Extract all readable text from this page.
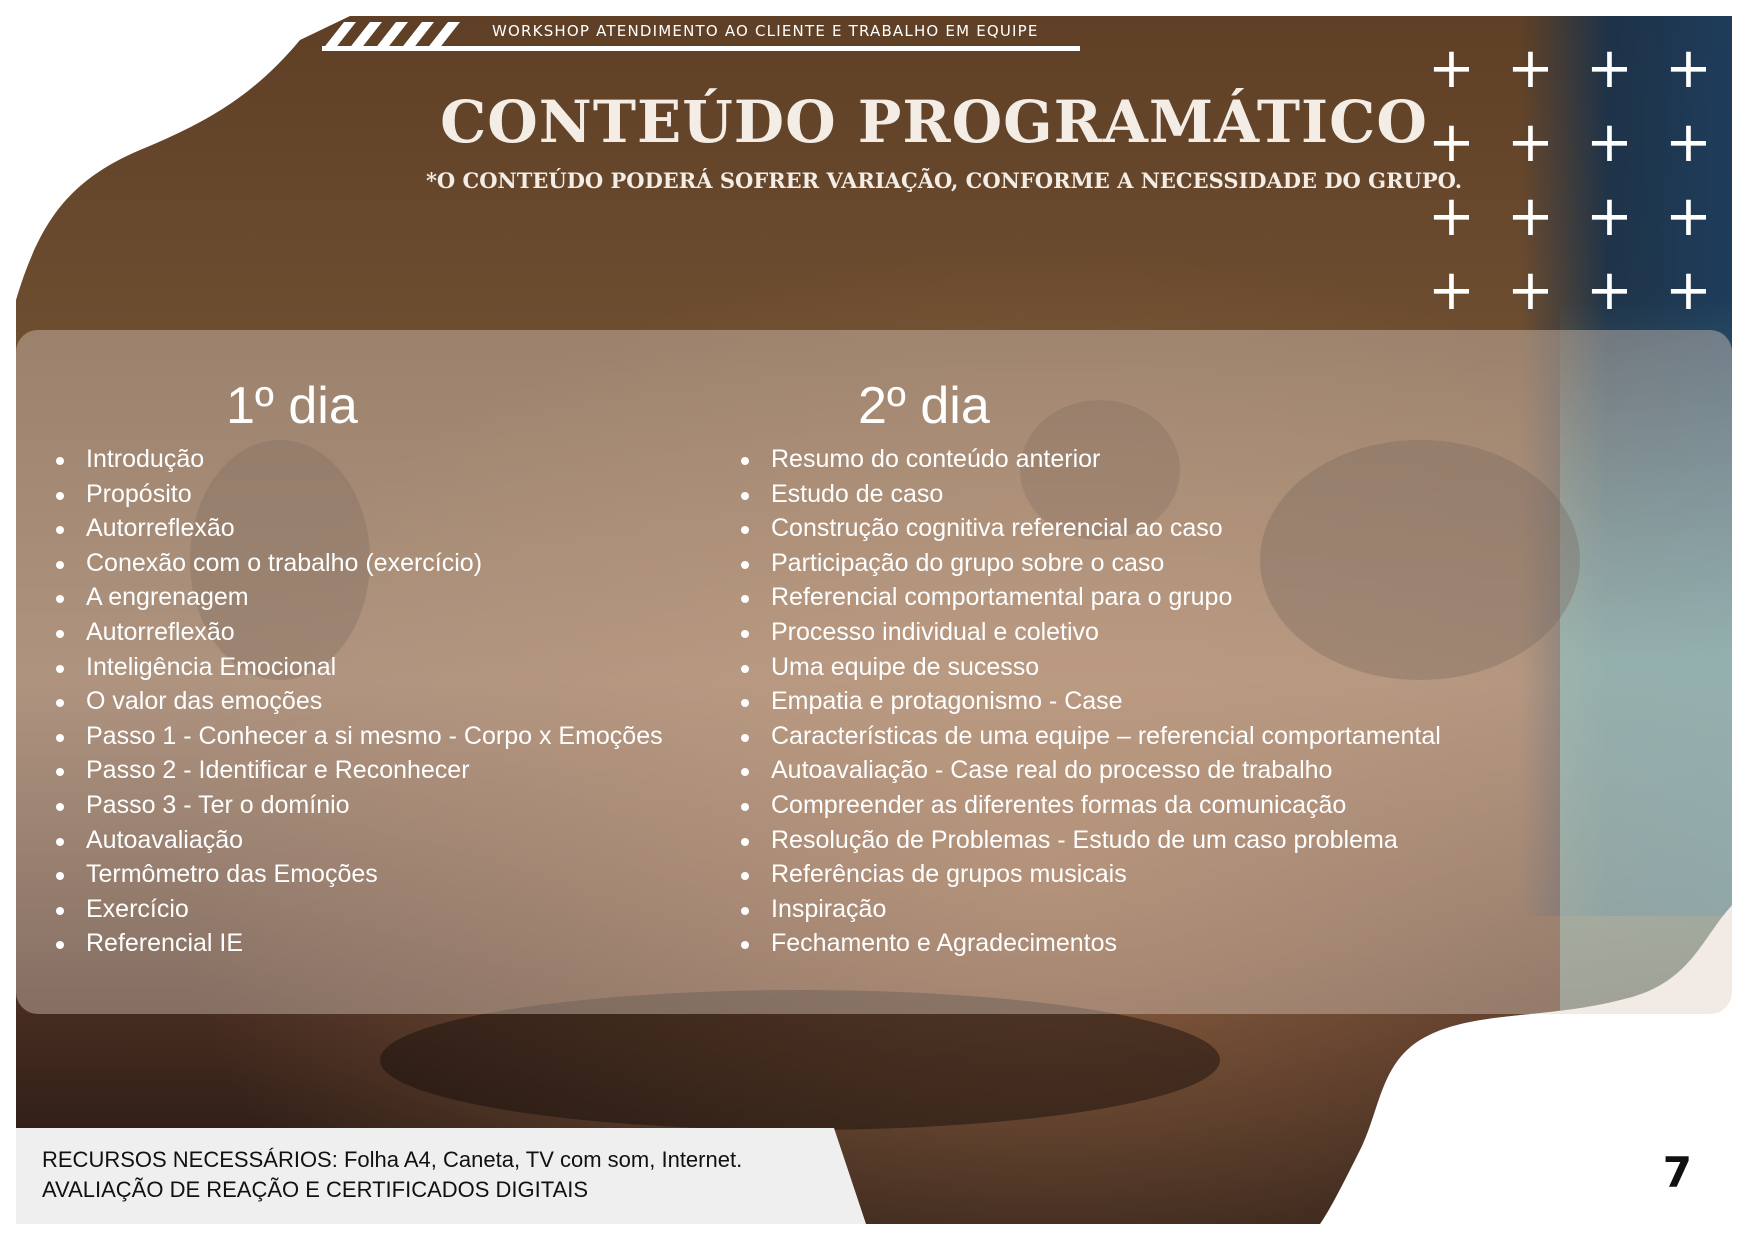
WORKSHOP ATENDIMENTO AO CLIENTE E TRABALHO EM EQUIPE
CONTEÚDO PROGRAMÁTICO
*O CONTEÚDO PODERÁ SOFRER VARIAÇÃO, CONFORME A NECESSIDADE DO GRUPO.
+ + + +
+ + + +
+ + + +
+ + + +
1º dia	2º dia
Introdução
Propósito
Autorreflexão
Conexão com o trabalho (exercício)
A engrenagem
Autorreflexão
Inteligência Emocional
O valor das emoções
Passo 1 - Conhecer a si mesmo - Corpo x Emoções
Passo 2 - Identificar e Reconhecer
Passo 3 - Ter o domínio
Autoavaliação
Termômetro das Emoções
Exercício
Referencial IE
Resumo do conteúdo anterior
Estudo de caso
Construção cognitiva referencial ao caso
Participação do grupo sobre o caso
Referencial comportamental para o grupo
Processo individual e coletivo
Uma equipe de sucesso
Empatia e protagonismo - Case
Características de uma equipe – referencial comportamental
Autoavaliação - Case real do processo de trabalho
Compreender as diferentes formas da comunicação
Resolução de Problemas - Estudo de um caso problema
Referências de grupos musicais
Inspiração
Fechamento e Agradecimentos
RECURSOS NECESSÁRIOS: Folha A4, Caneta, TV com som, Internet.
AVALIAÇÃO DE REAÇÃO E CERTIFICADOS DIGITAIS	7
